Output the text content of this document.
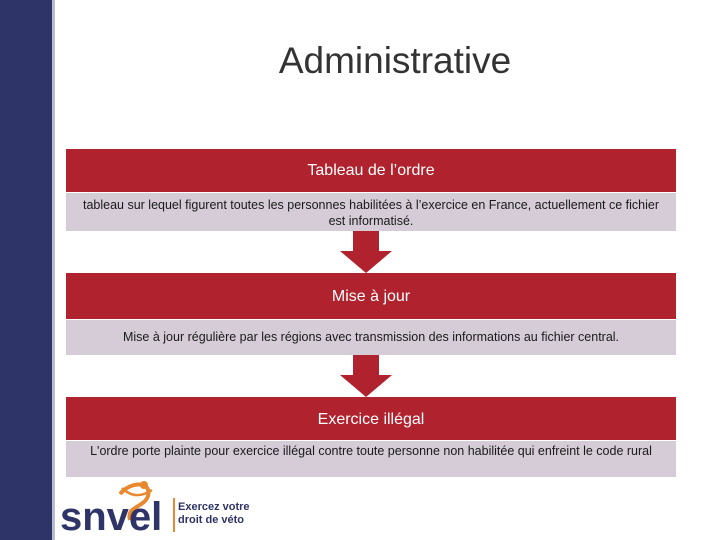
Administrative
Tableau de l’ordre
tableau sur lequel figurent toutes les personnes habilitées à l’exercice en France, actuellement ce fichier est informatisé.
Mise à jour
Mise à jour régulière par les régions avec transmission des informations au fichier central.
Exercice illégal
L'ordre porte plainte pour exercice illégal contre toute personne non habilitée qui enfreint le code rural
snvel Exercez votre
droit de véto
